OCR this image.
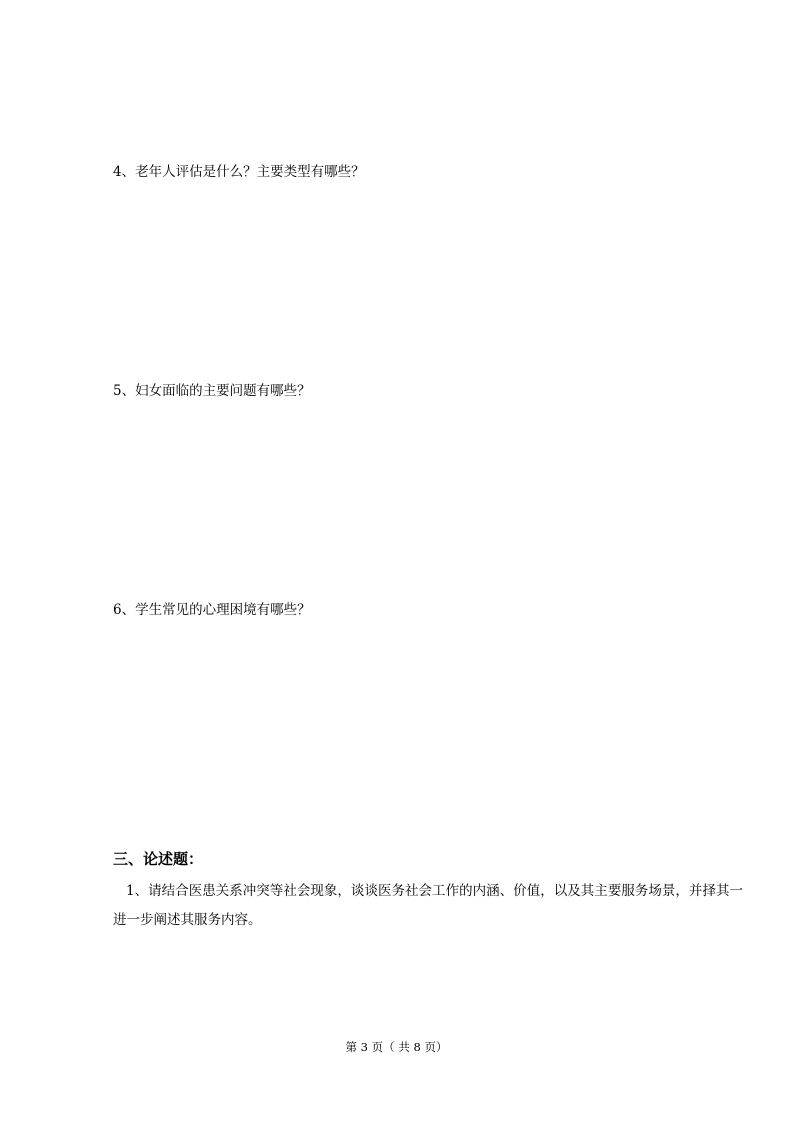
4、老年人评估是什么？主要类型有哪些？
5、妇女面临的主要问题有哪些？
6、学生常见的心理困境有哪些？
三、论述题：
1、请结合医患关系冲突等社会现象，谈谈医务社会工作的内涵、价值，以及其主要服务场景，并择其一进一步阐述其服务内容。
第 3 页（ 共 8 页）
